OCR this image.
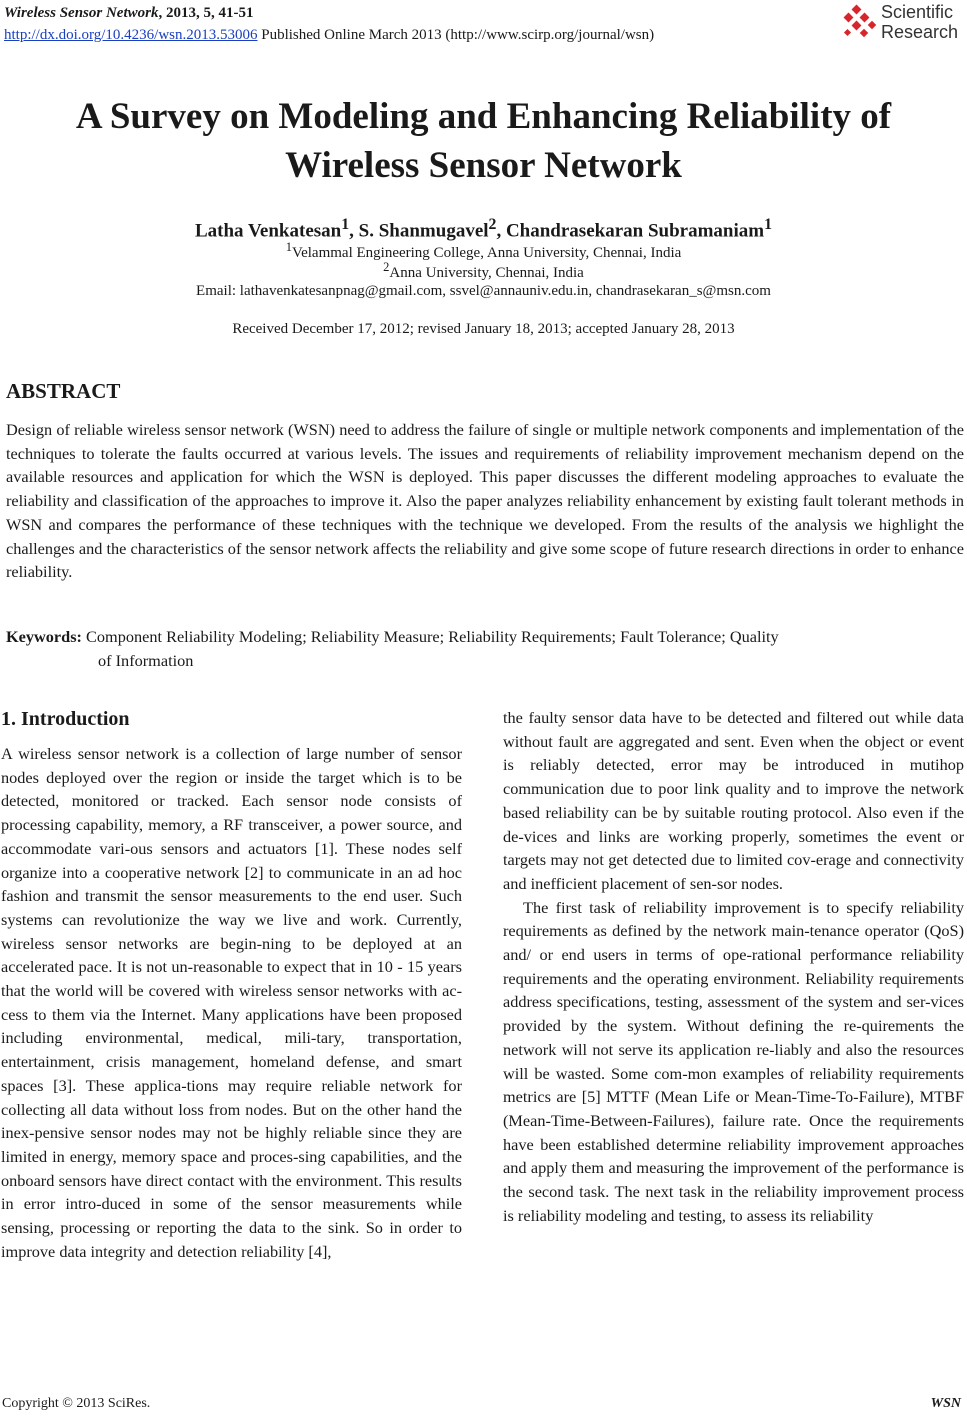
Wireless Sensor Network, 2013, 5, 41-51
http://dx.doi.org/10.4236/wsn.2013.53006 Published Online March 2013 (http://www.scirp.org/journal/wsn)
Scientific
Research
A Survey on Modeling and Enhancing Reliability of
Wireless Sensor Network
Latha Venkatesan$^1$, S. Shanmugavel$^2$, Chandrasekaran Subramaniam$^1$
$^1$Velammal Engineering College, Anna University, Chennai, India
$^2$Anna University, Chennai, India
Email: lathavenkatesanpnag@gmail.com, ssvel@annauniv.edu.in, chandrasekaran_s@msn.com
Received December 17, 2012; revised January 18, 2013; accepted January 28, 2013
ABSTRACT
Design of reliable wireless sensor network (WSN) need to address the failure of single or multiple network components and implementation of the techniques to tolerate the faults occurred at various levels. The issues and requirements of reliability improvement mechanism depend on the available resources and application for which the WSN is deployed. This paper discusses the different modeling approaches to evaluate the reliability and classification of the approaches to improve it. Also the paper analyzes reliability enhancement by existing fault tolerant methods in WSN and compares the performance of these techniques with the technique we developed. From the results of the analysis we highlight the challenges and the characteristics of the sensor network affects the reliability and give some scope of future research directions in order to enhance reliability.
Keywords: Component Reliability Modeling; Reliability Measure; Reliability Requirements; Fault Tolerance; Quality
of Information
1. Introduction

A wireless sensor network is a collection of large number of sensor nodes deployed over the region or inside the target which is to be detected, monitored or tracked. Each sensor node consists of processing capability, memory, a RF transceiver, a power source, and accommodate vari-ous sensors and actuators [1]. These nodes self organize into a cooperative network [2] to communicate in an ad hoc fashion and transmit the sensor measurements to the end user. Such systems can revolutionize the way we live and work. Currently, wireless sensor networks are begin-ning to be deployed at an accelerated pace. It is not un-reasonable to expect that in 10 - 15 years that the world will be covered with wireless sensor networks with ac-cess to them via the Internet. Many applications have been proposed including environmental, medical, mili-tary, transportation, entertainment, crisis management, homeland defense, and smart spaces [3]. These applica-tions may require reliable network for collecting all data without loss from nodes. But on the other hand the inex-pensive sensor nodes may not be highly reliable since they are limited in energy, memory space and proces-sing capabilities, and the onboard sensors have direct contact with the environment. This results in error intro-duced in some of the sensor measurements while sensing, processing or reporting the data to the sink. So in order to improve data integrity and detection reliability [4],

the faulty sensor data have to be detected and filtered out while data without fault are aggregated and sent. Even when the object or event is reliably detected, error may be introduced in mutihop communication due to poor link quality and to improve the network based reliability can be by suitable routing protocol. Also even if the de-vices and links are working properly, sometimes the event or targets may not get detected due to limited cov-erage and connectivity and inefficient placement of sen-sor nodes.

The first task of reliability improvement is to specify reliability requirements as defined by the network main-tenance operator (QoS) and/ or end users in terms of ope-rational performance reliability requirements and the operating environment. Reliability requirements address specifications, testing, assessment of the system and ser-vices provided by the system. Without defining the re-quirements the network will not serve its application re-liably and also the resources will be wasted. Some com-mon examples of reliability requirements metrics are [5] MTTF (Mean Life or Mean-Time-To-Failure), MTBF (Mean-Time-Between-Failures), failure rate. Once the requirements have been established determine reliability improvement approaches and apply them and measuring the improvement of the performance is the second task. The next task in the reliability improvement process is reliability modeling and testing, to assess its reliability

Copyright © 2013 SciRes.	WSN
